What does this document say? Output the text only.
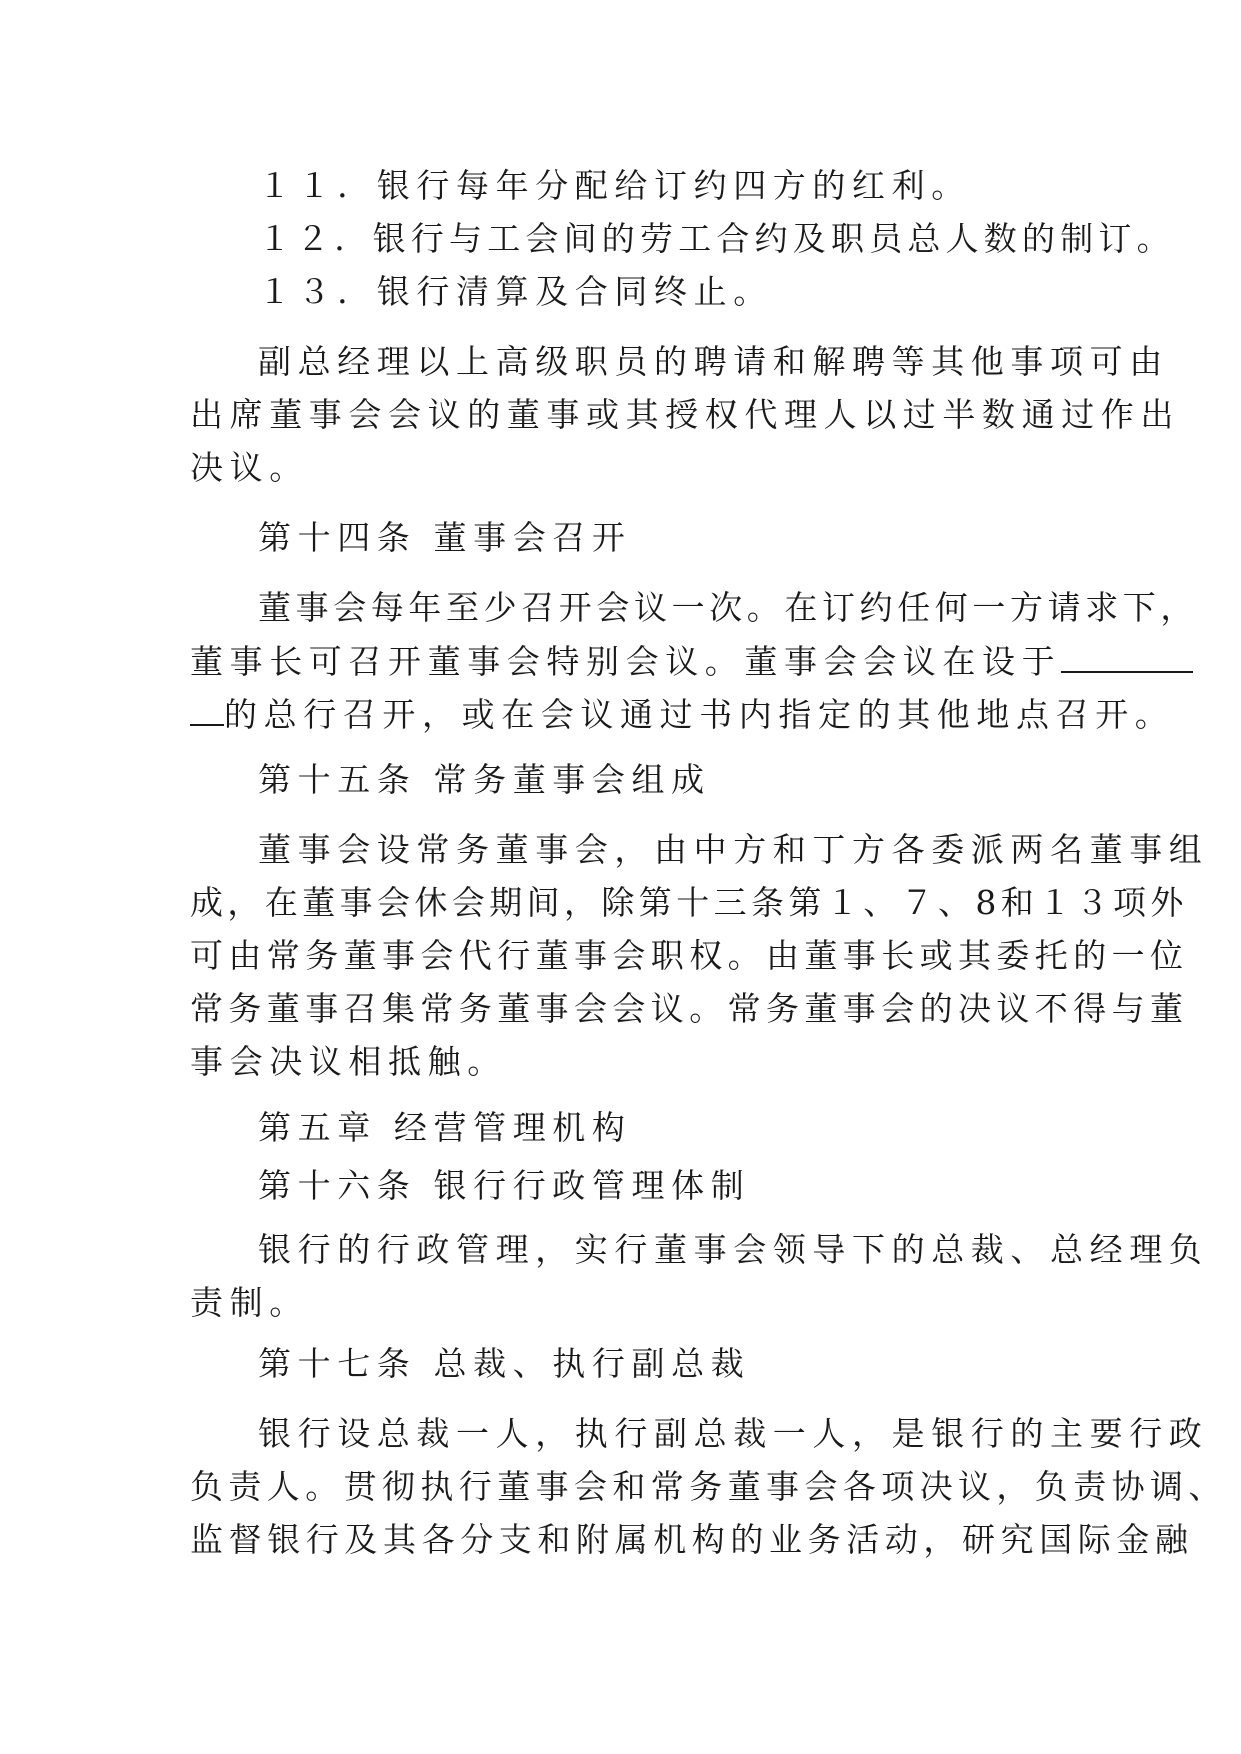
１１．银行每年分配给订约四方的红利。
１２．银行与工会间的劳工合约及职员总人数的制订。
１３．银行清算及合同终止。
副总经理以上高级职员的聘请和解聘等其他事项可由
出席董事会会议的董事或其授权代理人以过半数通过作出
决议。
第十四条 董事会召开
董事会每年至少召开会议一次。在订约任何一方请求下，
董事长可召开董事会特别会议。董事会会议在设于
的总行召开，或在会议通过书内指定的其他地点召开。
第十五条 常务董事会组成
董事会设常务董事会，由中方和丁方各委派两名董事组
成，在董事会休会期间，除第十三条第１、７、8和１３项外
可由常务董事会代行董事会职权。由董事长或其委托的一位
常务董事召集常务董事会会议。常务董事会的决议不得与董
事会决议相抵触。
第五章 经营管理机构
第十六条 银行行政管理体制
银行的行政管理，实行董事会领导下的总裁、总经理负
责制。
第十七条 总裁、执行副总裁
银行设总裁一人，执行副总裁一人，是银行的主要行政
负责人。贯彻执行董事会和常务董事会各项决议，负责协调、
监督银行及其各分支和附属机构的业务活动，研究国际金融
